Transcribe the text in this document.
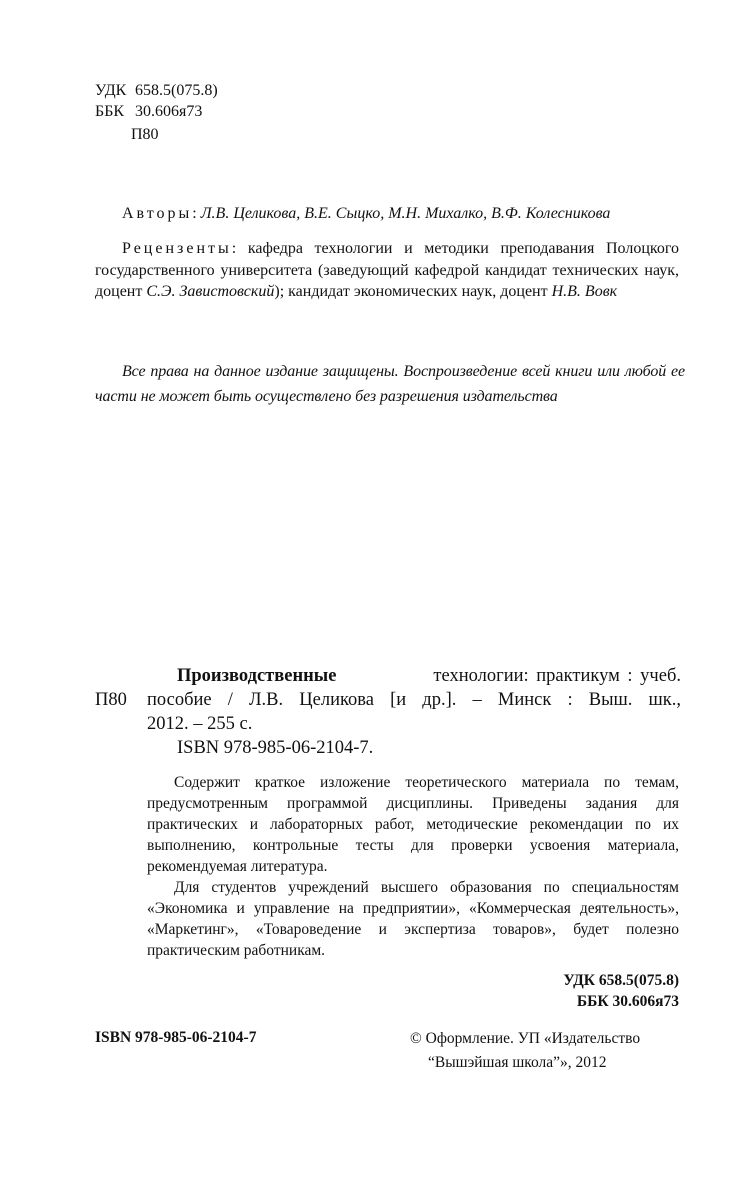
УДК 658.5(075.8)
ББК 30.606я73
П80
Авторы: Л.В. Целикова, В.Е. Сыцко, М.Н. Михалко, В.Ф. Колесникова
Рецензенты: кафедра технологии и методики преподавания Полоцкого государственного университета (заведующий кафедрой кандидат технических наук, доцент С.Э. Завистовский); кандидат экономических наук, доцент Н.В. Вовк
Все права на данное издание защищены. Воспроизведение всей книги или любой ее части не может быть осуществлено без разрешения издательства
П80
Производственные	технологии: практикум : учеб.
пособие / Л.В. Целикова [и др.]. – Минск : Выш. шк.,
2012. – 255 с.
ISBN 978-985-06-2104-7.
Содержит краткое изложение теоретического материала по темам, предусмотренным программой дисциплины. Приведены задания для практических и лабораторных работ, методические рекомендации по их выполнению, контрольные тесты для проверки усвоения материала, рекомендуемая литература.
Для студентов учреждений высшего образования по специальностям «Экономика и управление на предприятии», «Коммерческая деятельность», «Маркетинг», «Товароведение и экспертиза товаров», будет полезно практическим работникам.
УДК 658.5(075.8)
ББК 30.606я73
ISBN 978-985-06-2104-7	© Оформление. УП «Издательство
“Вышэйшая школа”», 2012
